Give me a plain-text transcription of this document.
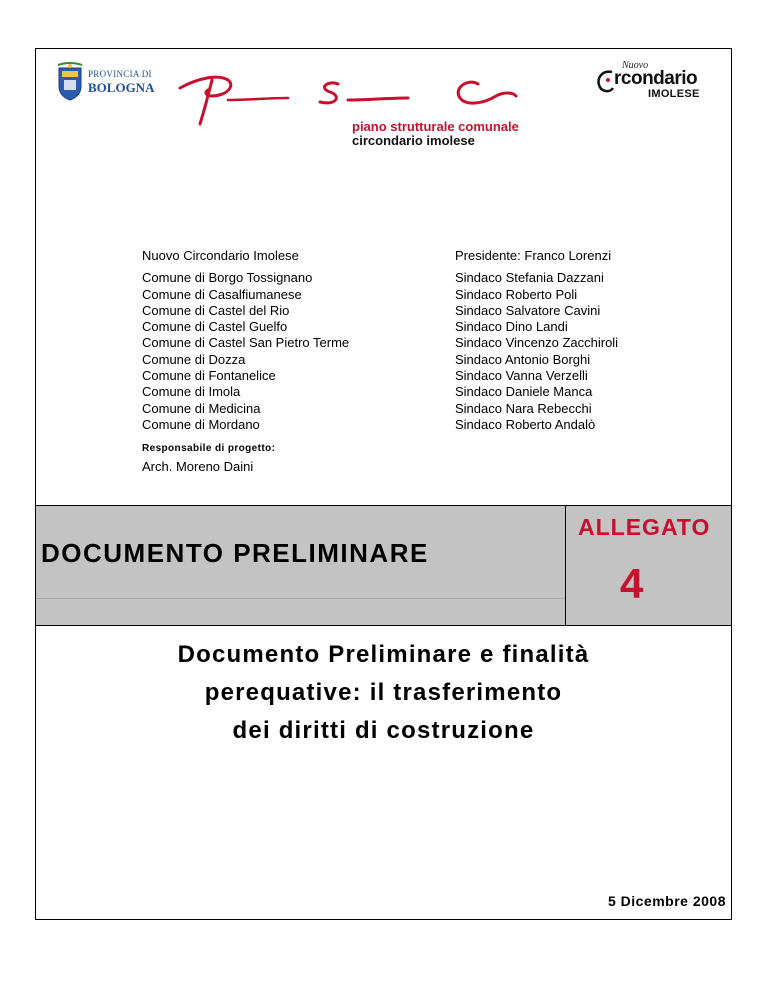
PROVINCIA DI
BOLOGNA
piano strutturale comunale
circondario imolese
Nuovo
rcondario
IMOLESE
Nuovo Circondario Imolese
Comune di Borgo Tossignano
Comune di Casalfiumanese
Comune di Castel del Rio
Comune di Castel Guelfo
Comune di Castel San Pietro Terme
Comune di Dozza
Comune di Fontanelice
Comune di Imola
Comune di Medicina
Comune di Mordano
Presidente: Franco Lorenzi
Sindaco Stefania Dazzani
Sindaco Roberto Poli
Sindaco Salvatore Cavini
Sindaco Dino Landi
Sindaco Vincenzo Zacchiroli
Sindaco Antonio Borghi
Sindaco Vanna Verzelli
Sindaco Daniele Manca
Sindaco Nara Rebecchi
Sindaco Roberto Andalò
Responsabile di progetto:
Arch. Moreno Daini
DOCUMENTO PRELIMINARE
ALLEGATO
4
Documento Preliminare e finalità
perequative: il trasferimento
dei diritti di costruzione
5 Dicembre 2008
